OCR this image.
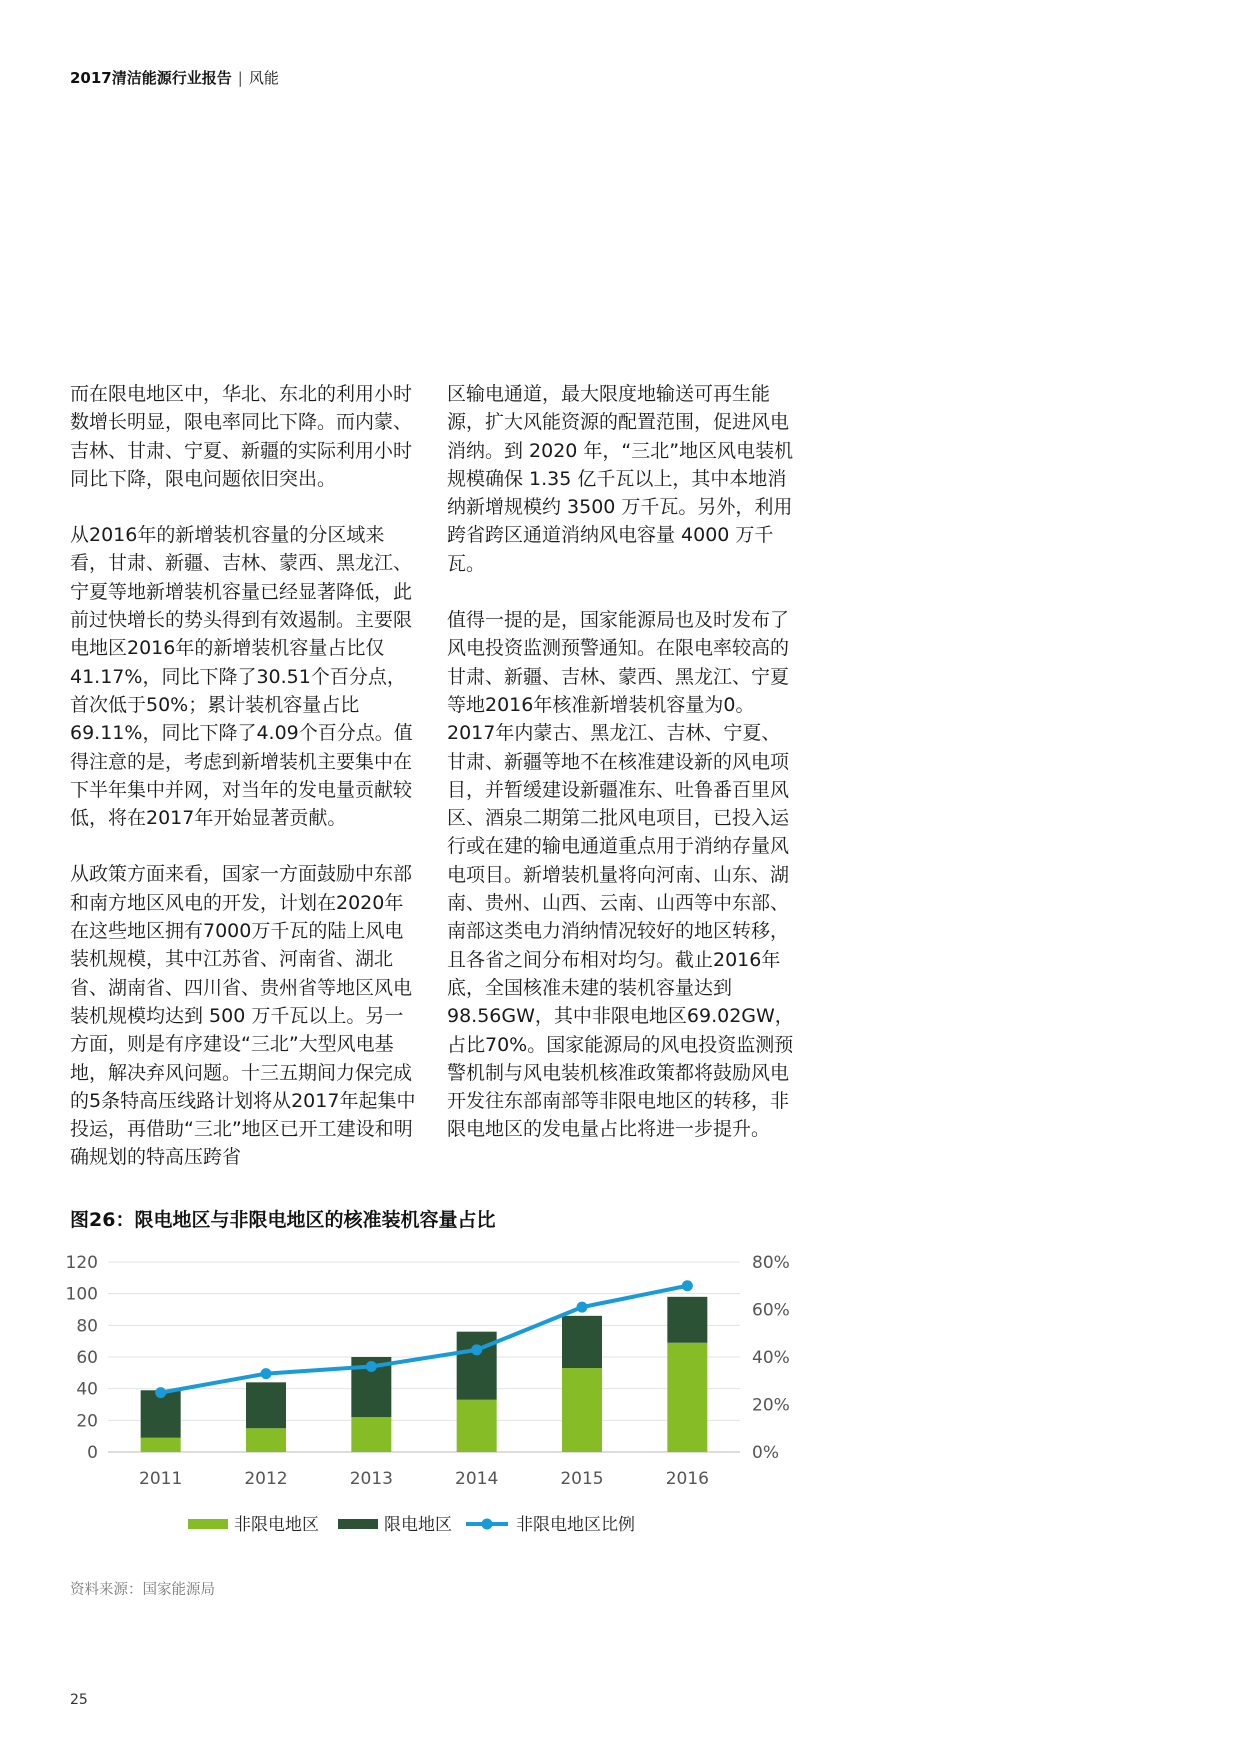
2017清洁能源行业报告 | 风能

而在限电地区中，华北、东北的利用小时数增长明显，限电率同比下降。而内蒙、吉林、甘肃、宁夏、新疆的实际利用小时同比下降，限电问题依旧突出。

从2016年的新增装机容量的分区域来看，甘肃、新疆、吉林、蒙西、黑龙江、宁夏等地新增装机容量已经显著降低，此前过快增长的势头得到有效遏制。主要限电地区2016年的新增装机容量占比仅41.17%，同比下降了30.51个百分点，首次低于50%；累计装机容量占比69.11%，同比下降了4.09个百分点。值得注意的是，考虑到新增装机主要集中在下半年集中并网，对当年的发电量贡献较低，将在2017年开始显著贡献。

从政策方面来看，国家一方面鼓励中东部和南方地区风电的开发，计划在2020年在这些地区拥有7000万千瓦的陆上风电装机规模，其中江苏省、河南省、湖北省、湖南省、四川省、贵州省等地区风电装机规模均达到 500 万千瓦以上。另一方面，则是有序建设“三北”大型风电基地，解决弃风问题。十三五期间力保完成的5条特高压线路计划将从2017年起集中投运，再借助“三北”地区已开工建设和明确规划的特高压跨省

区输电通道，最大限度地输送可再生能源，扩大风能资源的配置范围，促进风电消纳。到 2020 年，“三北”地区风电装机规模确保 1.35 亿千瓦以上，其中本地消纳新增规模约 3500 万千瓦。另外，利用跨省跨区通道消纳风电容量 4000 万千瓦。

值得一提的是，国家能源局也及时发布了风电投资监测预警通知。在限电率较高的甘肃、新疆、吉林、蒙西、黑龙江、宁夏等地2016年核准新增装机容量为0。2017年内蒙古、黑龙江、吉林、宁夏、甘肃、新疆等地不在核准建设新的风电项目，并暂缓建设新疆准东、吐鲁番百里风区、酒泉二期第二批风电项目，已投入运行或在建的输电通道重点用于消纳存量风电项目。新增装机量将向河南、山东、湖南、贵州、山西、云南、山西等中东部、南部这类电力消纳情况较好的地区转移，且各省之间分布相对均匀。截止2016年底，全国核准未建的装机容量达到98.56GW，其中非限电地区69.02GW，占比70%。国家能源局的风电投资监测预警机制与风电装机核准政策都将鼓励风电开发往东部南部等非限电地区的转移，非限电地区的发电量占比将进一步提升。

图26：限电地区与非限电地区的核准装机容量占比
0
20
40
60
80
100
120
0%
20%
40%
60%
80%
2011	2012	2013	2014	2015	2016
非限电地区	限电地区	非限电地区比例
资料来源：国家能源局
25
